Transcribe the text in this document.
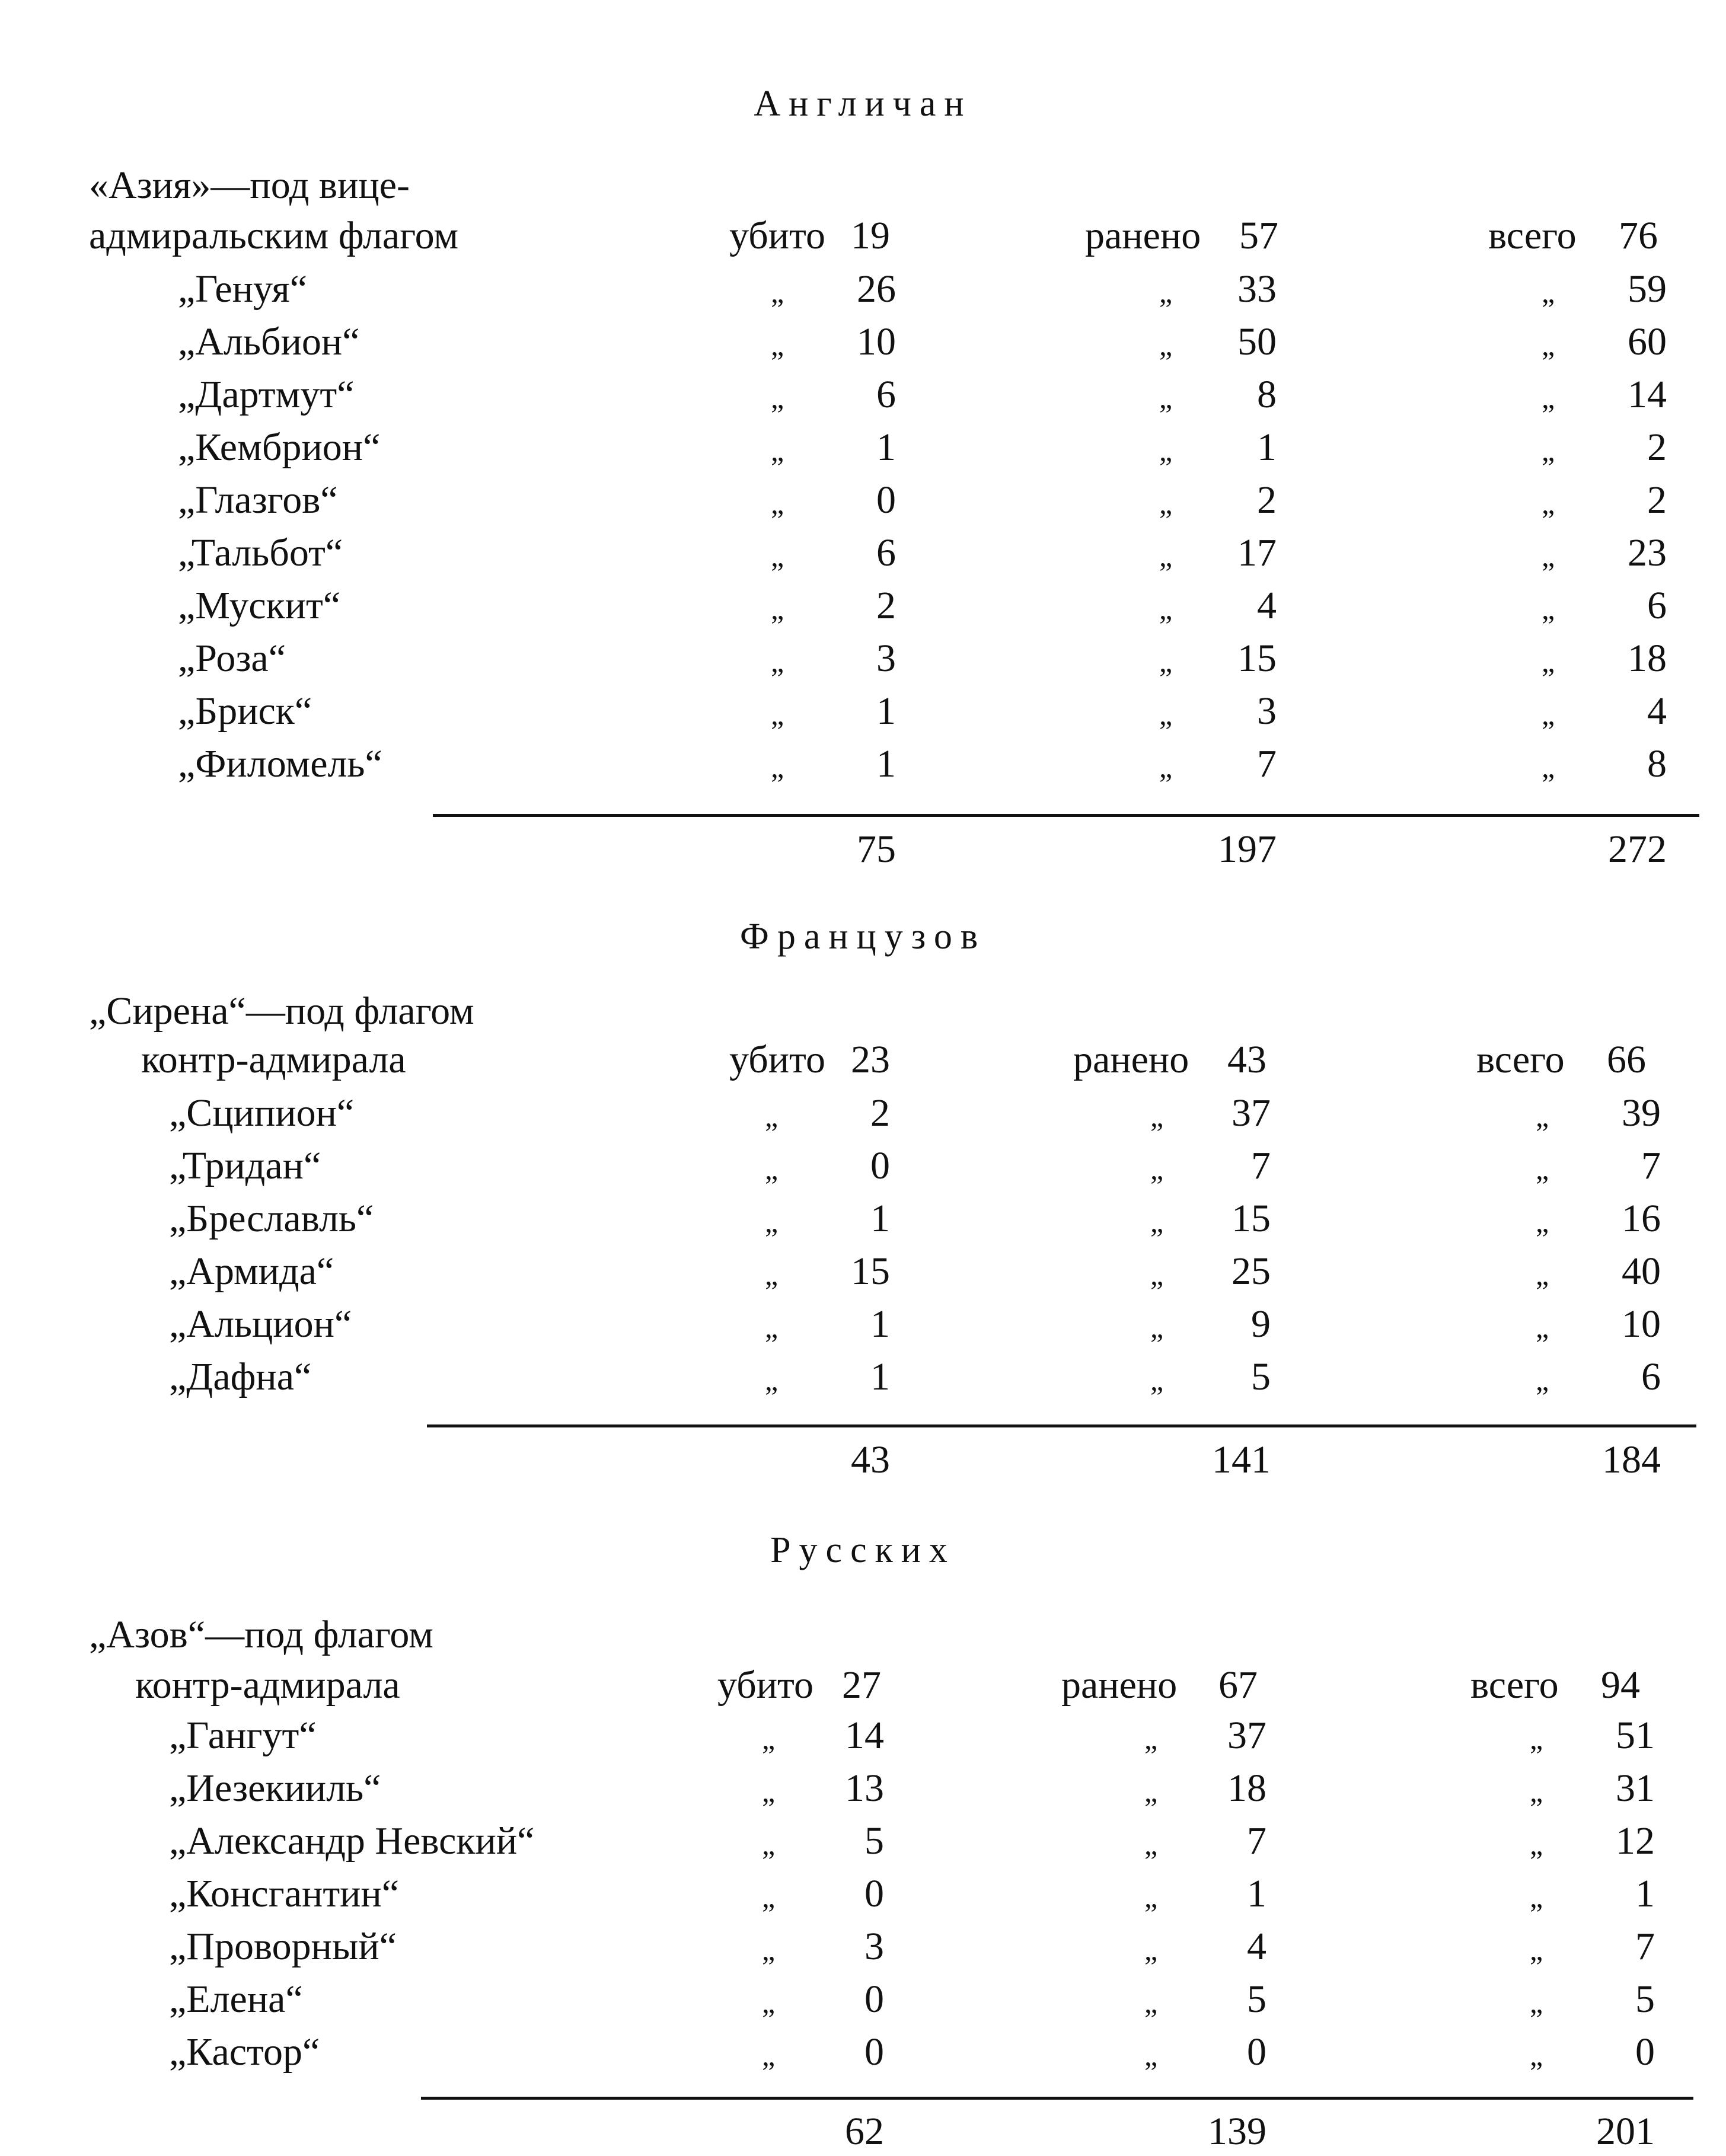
Англичан
«Азия»—под вице-
адмиральским флагом	убито 19	ранено 57	всего 76
„Генуя“	„ 26	„ 33	„ 59
„Альбион“	„ 10	„ 50	„ 60
„Дартмут“	„ 6	„ 8	„ 14
„Кембрион“	„ 1	„ 1	„ 2
„Глазгов“	„ 0	„ 2	„ 2
„Тальбот“	„ 6	„ 17	„ 23
„Мускит“	„ 2	„ 4	„ 6
„Роза“	„ 3	„ 15	„ 18
„Бриск“	„ 1	„ 3	„ 4
„Филомель“	„ 1	„ 7	„ 8
75	197	272
Французов
„Сирена“—под флагом
контр-адмирала	убито 23	ранено 43	всего 66
„Сципион“	„ 2	„ 37	„ 39
„Тридан“	„ 0	„ 7	„ 7
„Бреславль“	„ 1	„ 15	„ 16
„Армида“	„ 15	„ 25	„ 40
„Альцион“	„ 1	„ 9	„ 10
„Дафна“	„ 1	„ 5	„ 6
43	141	184
Русских
„Азов“—под флагом
контр-адмирала	убито 27	ранено 67	всего 94
„Гангут“	„ 14	„ 37	„ 51
„Иезекииль“	„ 13	„ 18	„ 31
„Александр Невский“	„ 5	„ 7	„ 12
„Консгантин“	„ 0	„ 1	„ 1
„Проворный“	„ 3	„ 4	„ 7
„Елена“	„ 0	„ 5	„ 5
„Кастор“	„ 0	„ 0	„ 0
62	139	201
